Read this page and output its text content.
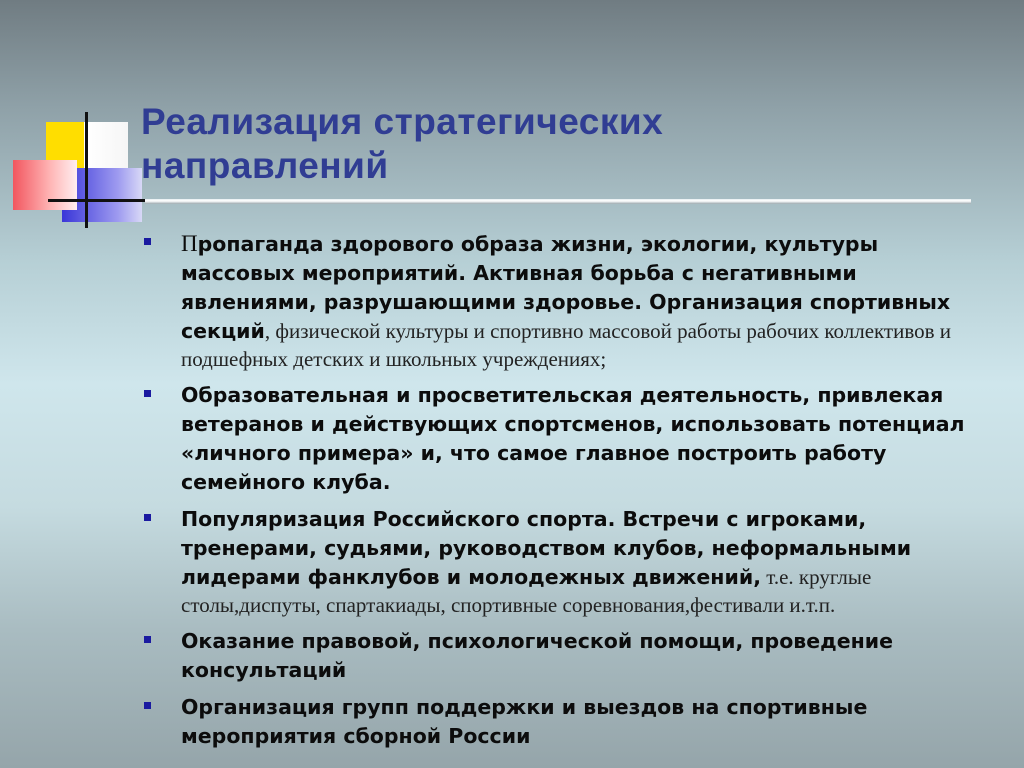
Реализация стратегических
направлений
Пропаганда здорового образа жизни, экологии, культуры массовых мероприятий. Активная борьба с негативными явлениями, разрушающими здоровье. Организация спортивных секций, физической культуры и спортивно массовой работы рабочих коллективов и подшефных детских и школьных учреждениях;
Образовательная и просветительская деятельность, привлекая ветеранов и действующих спортсменов, использовать потенциал «личного примера» и, что самое главное построить работу семейного клуба.
Популяризация Российского спорта. Встречи с игроками, тренерами, судьями, руководством клубов, неформальными лидерами фанклубов и молодежных движений, т.е. круглые столы,диспуты, спартакиады, спортивные соревнования,фестивали и.т.п.
Оказание правовой, психологической помощи, проведение консультаций
Организация групп поддержки и выездов на спортивные мероприятия сборной России
